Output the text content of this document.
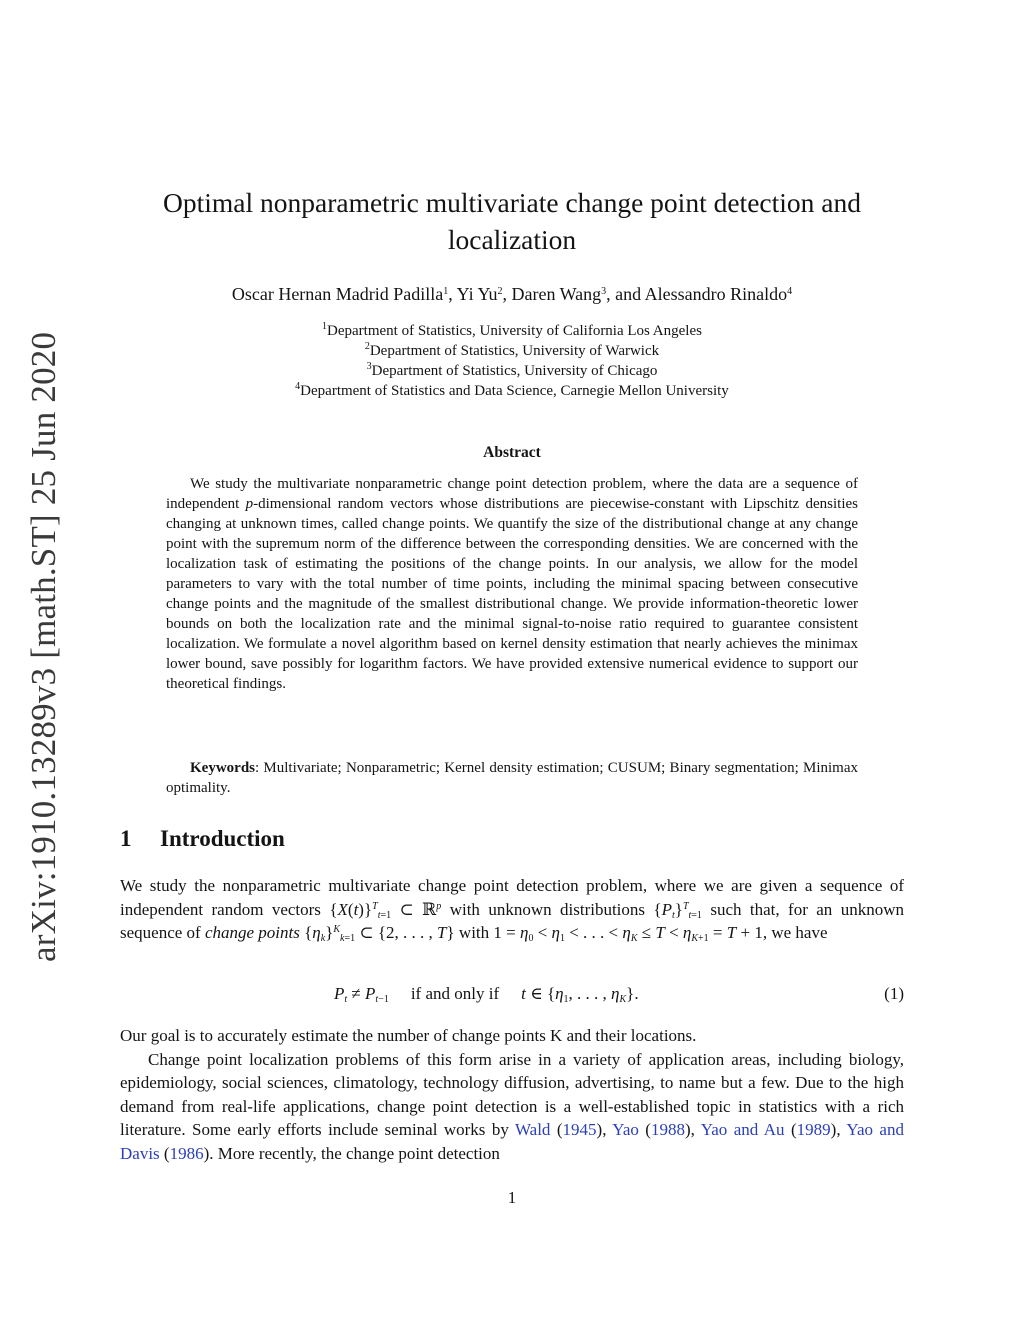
arXiv:1910.13289v3 [math.ST] 25 Jun 2020
Optimal nonparametric multivariate change point detection and localization
Oscar Hernan Madrid Padilla$^1$, Yi Yu$^2$, Daren Wang$^3$, and Alessandro Rinaldo$^4$
$^1$Department of Statistics, University of California Los Angeles
$^2$Department of Statistics, University of Warwick
$^3$Department of Statistics, University of Chicago
$^4$Department of Statistics and Data Science, Carnegie Mellon University
Abstract

We study the multivariate nonparametric change point detection problem, where the data are a sequence of independent p-dimensional random vectors whose distributions are piecewise-constant with Lipschitz densities changing at unknown times, called change points. We quantify the size of the distributional change at any change point with the supremum norm of the difference between the corresponding densities. We are concerned with the localization task of estimating the positions of the change points. In our analysis, we allow for the model parameters to vary with the total number of time points, including the minimal spacing between consecutive change points and the magnitude of the smallest distributional change. We provide information-theoretic lower bounds on both the localization rate and the minimal signal-to-noise ratio required to guarantee consistent localization. We formulate a novel algorithm based on kernel density estimation that nearly achieves the minimax lower bound, save possibly for logarithm factors. We have provided extensive numerical evidence to support our theoretical findings.

Keywords: Multivariate; Nonparametric; Kernel density estimation; CUSUM; Binary segmentation; Minimax optimality.
1 Introduction

We study the nonparametric multivariate change point detection problem, where we are given a sequence of independent random vectors $\{X(t)\}^T_{t=1}$ ⊂ ℝ$^p$ with unknown distributions $\{P_t\}^T_{t=1}$ such that, for an unknown sequence of change points $\{\eta_k\}^K_{k=1}$ ⊂ {2, . . . , T} with $1 = \eta_0 < \eta_1$ < . . . < $\eta_K \le T < \eta_{K+1} = T + 1$, we have

$P_t \ne P_{t-1}$ if and only if t ∈ {$\eta_1$, . . . , $\eta_K$}.	(1)

Our goal is to accurately estimate the number of change points K and their locations.

Change point localization problems of this form arise in a variety of application areas, including biology, epidemiology, social sciences, climatology, technology diffusion, advertising, to name but a few. Due to the high demand from real-life applications, change point detection is a well-established topic in statistics with a rich literature. Some early efforts include seminal works by Wald (1945), Yao (1988), Yao and Au (1989), Yao and Davis (1986). More recently, the change point detection

1
